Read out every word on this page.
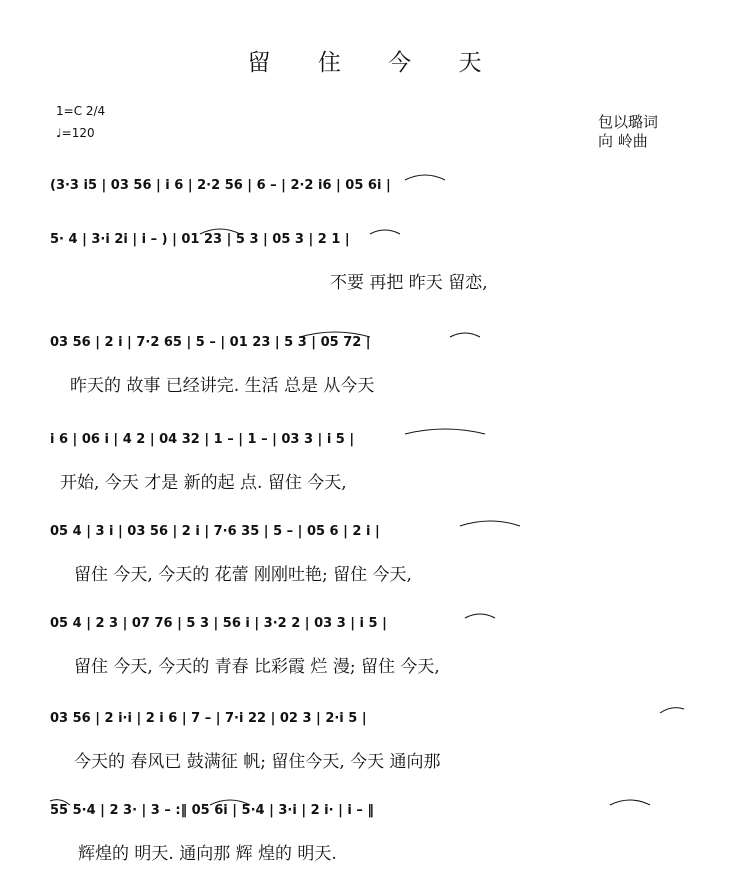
留 住 今 天
1=C 2/4
♩=120
包以璐词
向 岭曲
(3·3 i5 | 03 56 | i 6 | 2·2 56 | 6 – | 2·2 i6 | 05 6i |
5· 4 | 3·i 2i | i – ) | 01 23 | 5 3 | 05 3 | 2 1 |
不要 再把 昨天 留恋,
03 56 | 2 i | 7·2 65 | 5 – | 01 23 | 5 3 | 05 72 |
昨天的 故事 已经讲完. 生活 总是 从今天
i 6 | 06 i | 4 2 | 04 32 | 1 – | 1 – | 03 3 | i 5 |
开始, 今天 才是 新的起 点. 留住 今天,
05 4 | 3 i | 03 56 | 2 i | 7·6 35 | 5 – | 05 6 | 2 i |
留住 今天, 今天的 花蕾 刚刚吐艳; 留住 今天,
05 4 | 2 3 | 07 76 | 5 3 | 56 i | 3·2 2 | 03 3 | i 5 |
留住 今天, 今天的 青春 比彩霞 烂 漫; 留住 今天,
03 56 | 2 i·i | 2 i 6 | 7 – | 7·i 22 | 02 3 | 2·i 5 |
今天的 春风已 鼓满征 帆; 留住今天, 今天 通向那
55 5·4 | 2 3· | 3 – :‖ 05 6i | 5·4 | 3·i | 2 i· | i – ‖
辉煌的 明天. 通向那 辉 煌的 明天.
